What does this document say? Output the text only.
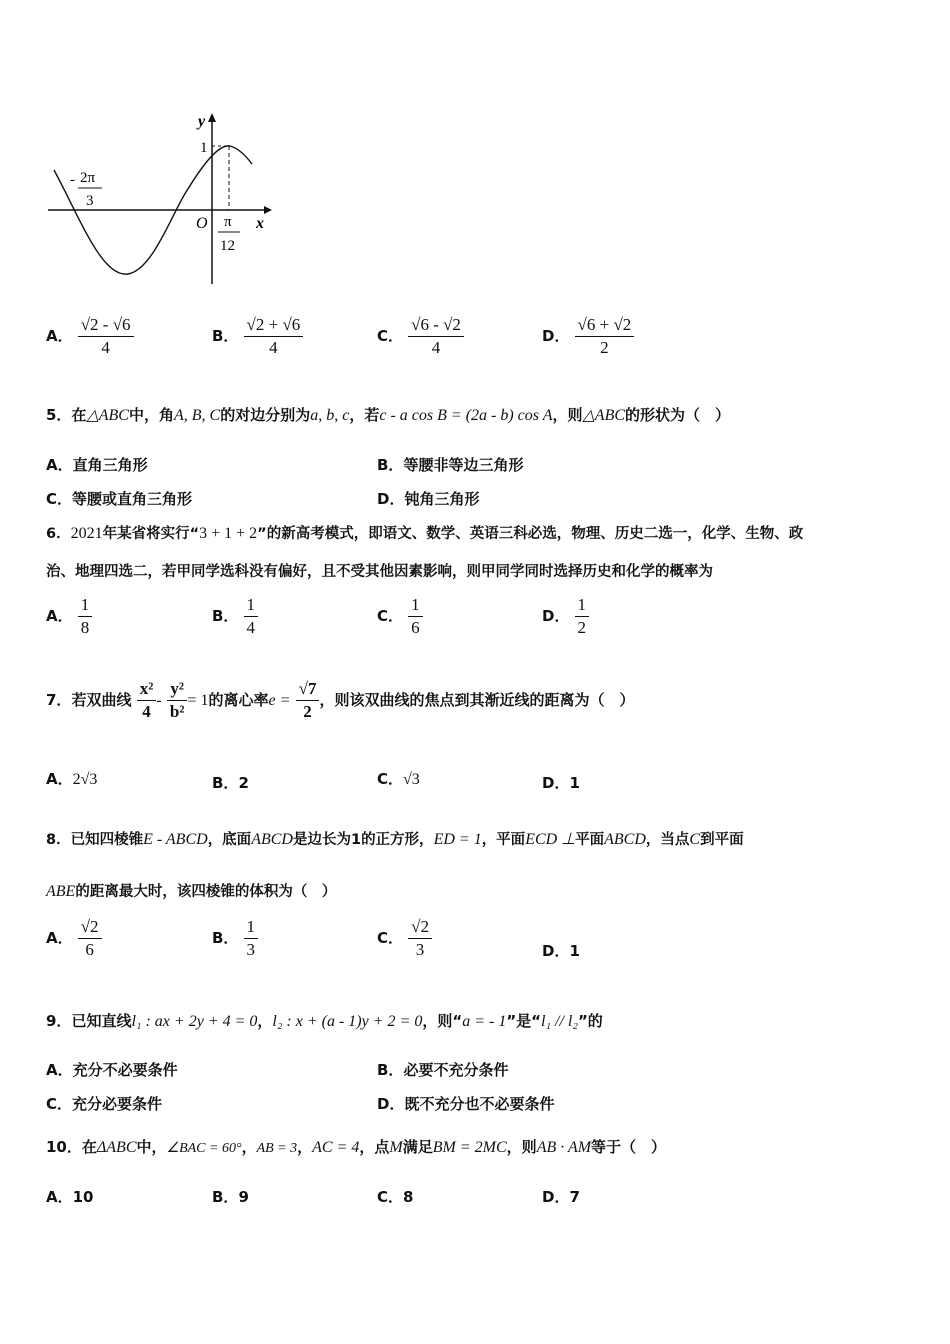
y
x
O
1
- 2π
3
π
12
A． $\frac{√2 - √6}{4}$	B． $\frac{√2 + √6}{4}$	C． $\frac{√6 - √2}{4}$	D． $\frac{√6 + √2}{2}$
5．在△ABC中，角A, B, C的对边分别为a, b, c，若c - a cos B = (2a - b) cos A，则△ABC的形状为（　）
A．直角三角形	B．等腰非等边三角形
C．等腰或直角三角形	D．钝角三角形
6．2021年某省将实行“3 + 1 + 2”的新高考模式，即语文、数学、英语三科必选，物理、历史二选一，化学、生物、政
治、地理四选二，若甲同学选科没有偏好，且不受其他因素影响，则甲同学同时选择历史和化学的概率为
A． $\frac{1}{8}$	B． $\frac{1}{4}$	C． $\frac{1}{6}$	D． $\frac{1}{2}$
7．若双曲线 $\frac{\text{x²}}{4} - \frac{\text{y²}}{\text{b²}} = 1$的离心率$e = \frac{√7}{2}$ ，则该双曲线的焦点到其渐近线的距离为（　）
A．2√3	B．2	C．√3	D．1
8．已知四棱锥E - ABCD，底面ABCD是边长为1的正方形，ED = 1，平面ECD ⊥平面ABCD，当点C到平面
ABE的距离最大时，该四棱锥的体积为（　）
A． $\frac{√2}{6}$	B． $\frac{1}{3}$	C． $\frac{√2}{3}$	D．1
9．已知直线l₁ : ax + 2y + 4 = 0，l₂ : x + (a - 1)y + 2 = 0，则“a = - 1”是“l₁ // l₂”的
A．充分不必要条件	B．必要不充分条件
C．充分必要条件	D．既不充分也不必要条件
10．在ΔABC中，∠BAC = 60°，AB = 3，AC = 4，点M满足BM = 2MC，则AB · AM等于（　）
A．10	B．9	C．8	D．7
